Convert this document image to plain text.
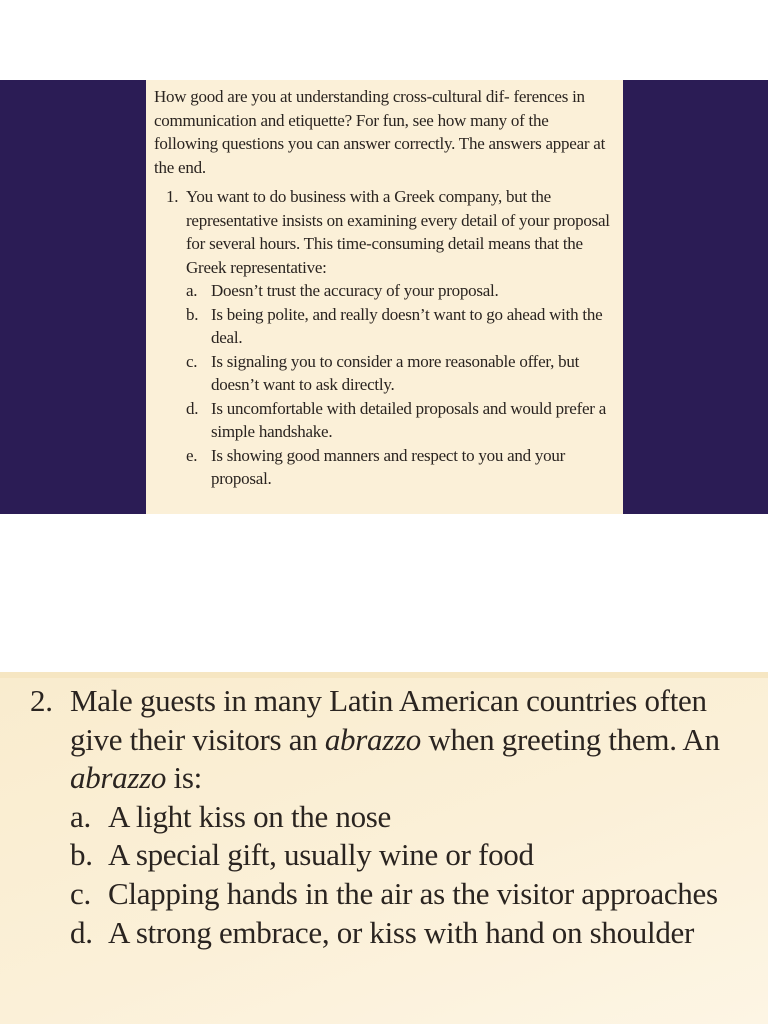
How good are you at understanding cross-cultural dif- ferences in communication and etiquette? For fun, see how many of the following questions you can answer correctly. The answers appear at the end.
1. You want to do business with a Greek company, but the representative insists on examining every detail of your proposal for several hours. This time-consuming detail means that the Greek representative:
a. Doesn’t trust the accuracy of your proposal.
b. Is being polite, and really doesn’t want to go ahead with the deal.
c. Is signaling you to consider a more reasonable offer, but doesn’t want to ask directly.
d. Is uncomfortable with detailed proposals and would prefer a simple handshake.
e. Is showing good manners and respect to you and your proposal.
2. Male guests in many Latin American countries often give their visitors an abrazzo when greeting them. An abrazzo is:
a. A light kiss on the nose
b. A special gift, usually wine or food
c. Clapping hands in the air as the visitor approaches
d. A strong embrace, or kiss with hand on shoulder
